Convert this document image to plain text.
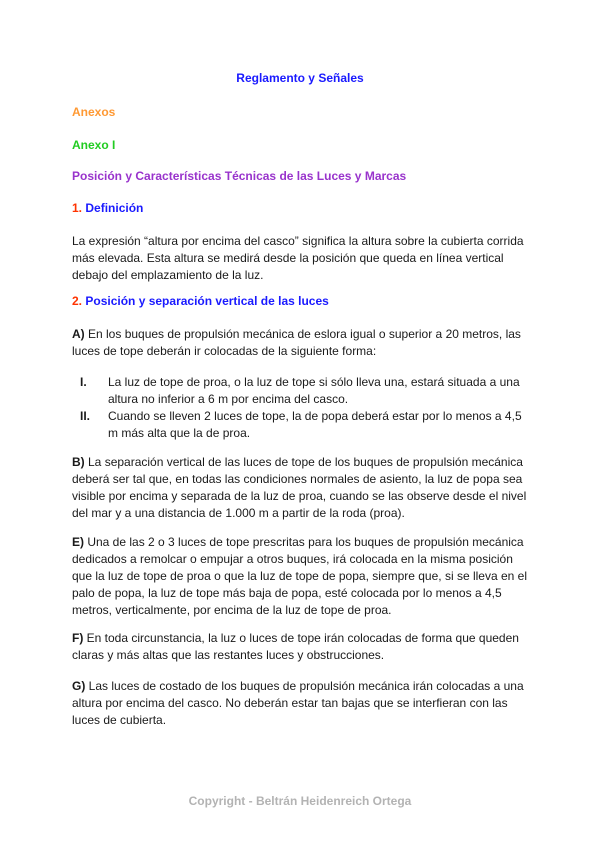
Reglamento y Señales
Anexos
Anexo I
Posición y Características Técnicas de las Luces y Marcas
1. Definición

La expresión “altura por encima del casco” significa la altura sobre la cubierta corrida más elevada. Esta altura se medirá desde la posición que queda en línea vertical debajo del emplazamiento de la luz.

2. Posición y separación vertical de las luces

A) En los buques de propulsión mecánica de eslora igual o superior a 20 metros, las luces de tope deberán ir colocadas de la siguiente forma:

I. La luz de tope de proa, o la luz de tope si sólo lleva una, estará situada a una altura no inferior a 6 m por encima del casco.
II. Cuando se lleven 2 luces de tope, la de popa deberá estar por lo menos a 4,5 m más alta que la de proa.

B) La separación vertical de las luces de tope de los buques de propulsión mecánica deberá ser tal que, en todas las condiciones normales de asiento, la luz de popa sea visible por encima y separada de la luz de proa, cuando se las observe desde el nivel del mar y a una distancia de 1.000 m a partir de la roda (proa).

E) Una de las 2 o 3 luces de tope prescritas para los buques de propulsión mecánica dedicados a remolcar o empujar a otros buques, irá colocada en la misma posición que la luz de tope de proa o que la luz de tope de popa, siempre que, si se lleva en el palo de popa, la luz de tope más baja de popa, esté colocada por lo menos a 4,5 metros, verticalmente, por encima de la luz de tope de proa.

F) En toda circunstancia, la luz o luces de tope irán colocadas de forma que queden claras y más altas que las restantes luces y obstrucciones.

G) Las luces de costado de los buques de propulsión mecánica irán colocadas a una altura por encima del casco. No deberán estar tan bajas que se interfieran con las luces de cubierta.

Copyright - Beltrán Heidenreich Ortega
